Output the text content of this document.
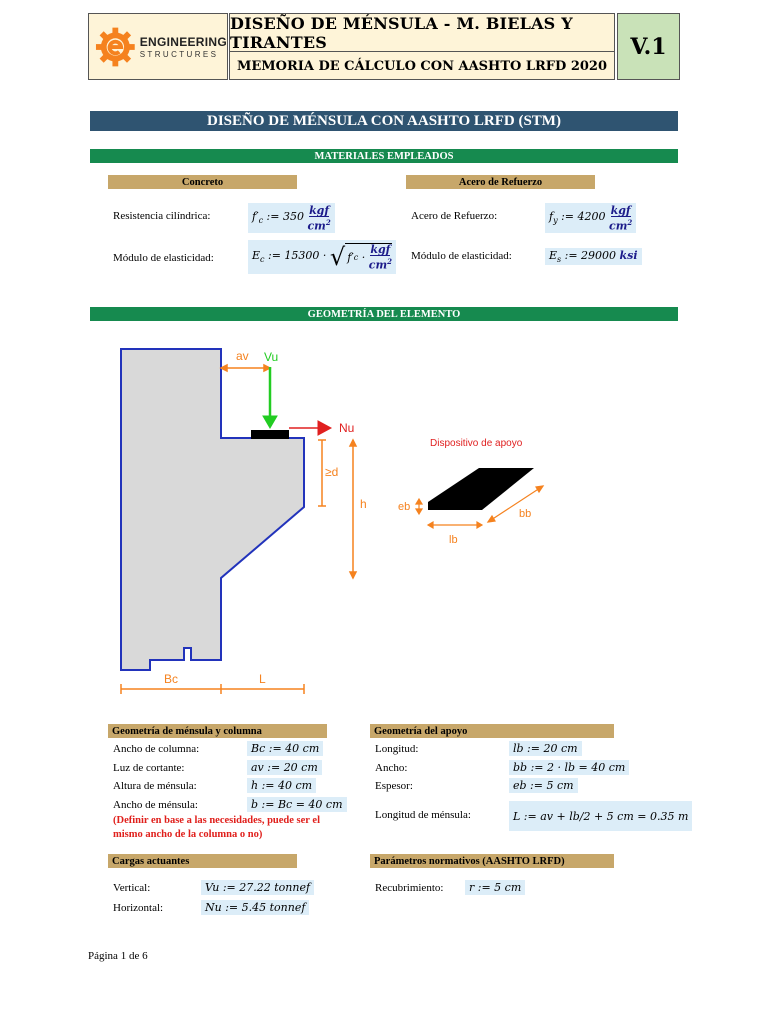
ENGINEERING
STRUCTURES
DISEÑO DE MÉNSULA - M. BIELAS Y TIRANTES
MEMORIA DE CÁLCULO CON AASHTO LRFD 2020
V.1
DISEÑO DE MÉNSULA CON AASHTO LRFD (STM)
MATERIALES EMPLEADOS
Concreto	Acero de Refuerzo
Resistencia cilíndrica:	$f'_c$ := 350
kgf
$cm^2$
Módulo de elasticidad:	$E_c$ := 15300 · √ f′ c ·
kgf
$cm^2$
Acero de Refuerzo:	$f_y$ := 4200
kgf
$cm^2$
Módulo de elasticidad:	$E_s$ := 29000 ksi
GEOMETRÍA DEL ELEMENTO
av Vu
Nu
≥d
h
Bc	L
Dispositivo de apoyo
eb
lb
bb
Geometría de ménsula y columna	Geometría del apoyo
Ancho de columna:	Bc := 40 cm
Luz de cortante:	av := 20 cm
Altura de ménsula:	h := 40 cm
Ancho de ménsula:	b := Bc = 40 cm
(Definir en base a las necesidades, puede ser el mismo ancho de la columna o no)
Longitud:	lb := 20 cm
Ancho:	bb := 2 · lb = 40 cm
Espesor:	eb := 5 cm
Longitud de ménsula:	L := av + lb/2 + 5 cm = 0.35 m
Cargas actuantes	Parámetros normativos (AASHTO LRFD)
Vertical:	Vu := 27.22 tonnef
Horizontal:	Nu := 5.45 tonnef
Recubrimiento:	r := 5 cm
Página 1 de 6
